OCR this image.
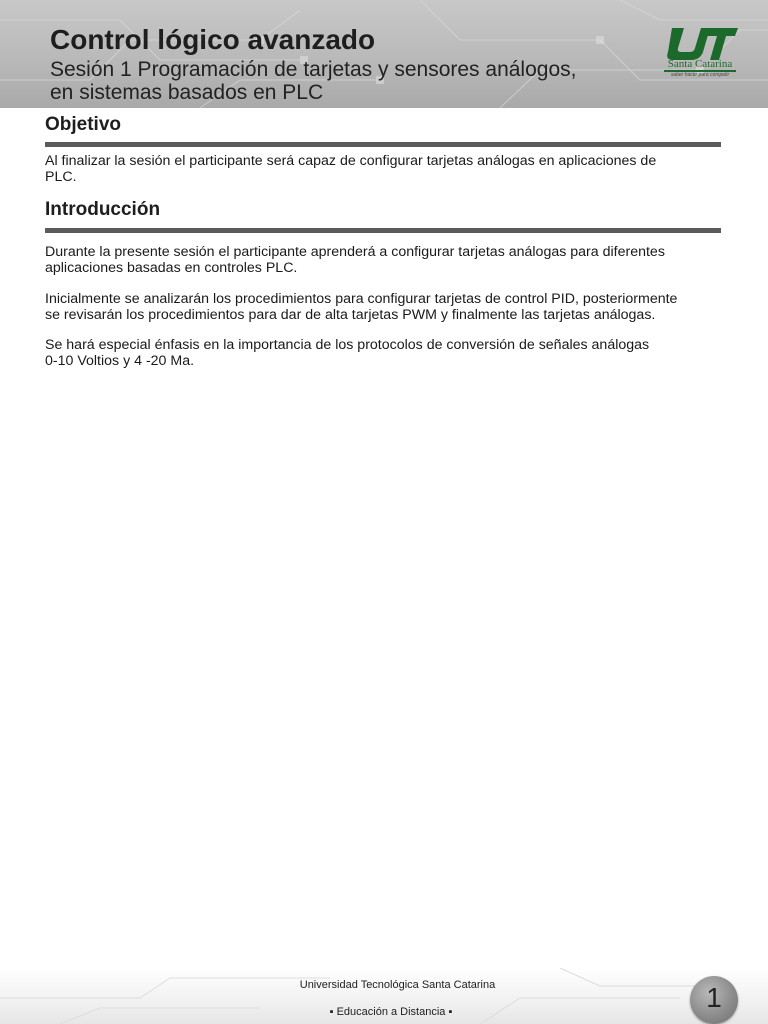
Control lógico avanzado
Sesión 1 Programación de tarjetas y sensores análogos,
en sistemas basados en PLC
Santa Catarina
saber hacer para competir
Objetivo

Al finalizar la sesión el participante será capaz de configurar tarjetas análogas en aplicaciones de
PLC.

Introducción

Durante la presente sesión el participante aprenderá a configurar tarjetas análogas para diferentes
aplicaciones basadas en controles PLC.

Inicialmente se analizarán los procedimientos para configurar tarjetas de control PID, posteriormente
se revisarán los procedimientos para dar de alta tarjetas PWM y finalmente las tarjetas análogas.

Se hará especial énfasis en la importancia de los protocolos de conversión de señales análogas
0-10 Voltios y 4 -20 Ma.

Universidad Tecnológica Santa Catarina
▪ Educación a Distancia ▪	1
